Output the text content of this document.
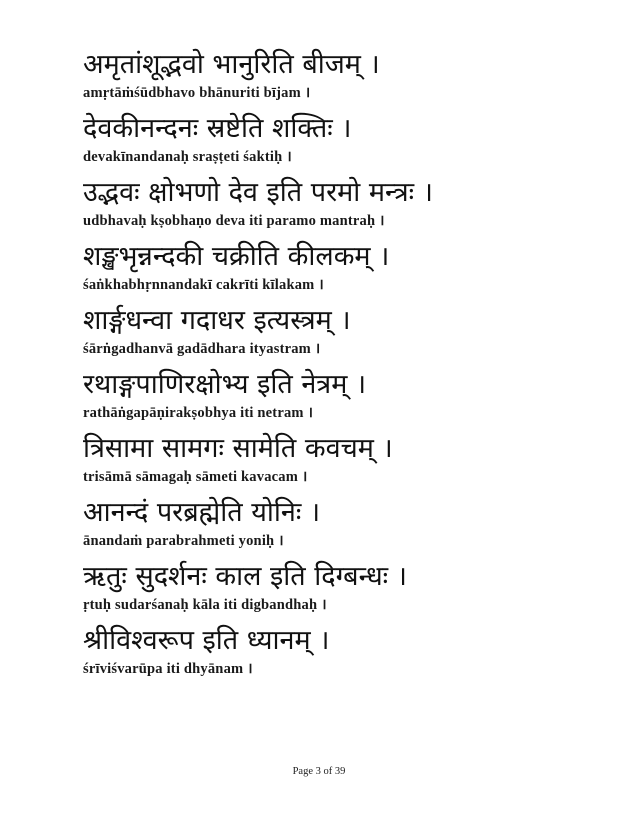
अमृतांशूद्भवो भानुरिति बीजम् ।
amṛtāṁśūdbhavo bhānuriti bījam ।
देवकीनन्दनः स्रष्टेति शक्तिः ।
devakīnandanaḥ sraṣṭeti śaktiḥ ।
उद्भवः क्षोभणो देव इति परमो मन्त्रः ।
udbhavaḥ kṣobhaṇo deva iti paramo mantraḥ ।
शङ्खभृन्नन्दकी चक्रीति कीलकम् ।
śaṅkhabhṛnnandakī cakrīti kīlakam ।
शार्ङ्गधन्वा गदाधर इत्यस्त्रम् ।
śārṅgadhanvā gadādhara ityastram ।
रथाङ्गपाणिरक्षोभ्य इति नेत्रम् ।
rathāṅgapāṇirakṣobhya iti netram ।
त्रिसामा सामगः सामेति कवचम् ।
trisāmā sāmagaḥ sāmeti kavacam ।
आनन्दं परब्रह्मेति योनिः ।
ānandaṁ parabrahmeti yoniḥ ।
ऋतुः सुदर्शनः काल इति दिग्बन्धः ।
ṛtuḥ sudarśanaḥ kāla iti digbandhaḥ ।
श्रीविश्वरूप इति ध्यानम् ।
śrīviśvarūpa iti dhyānam ।
Page 3 of 39
